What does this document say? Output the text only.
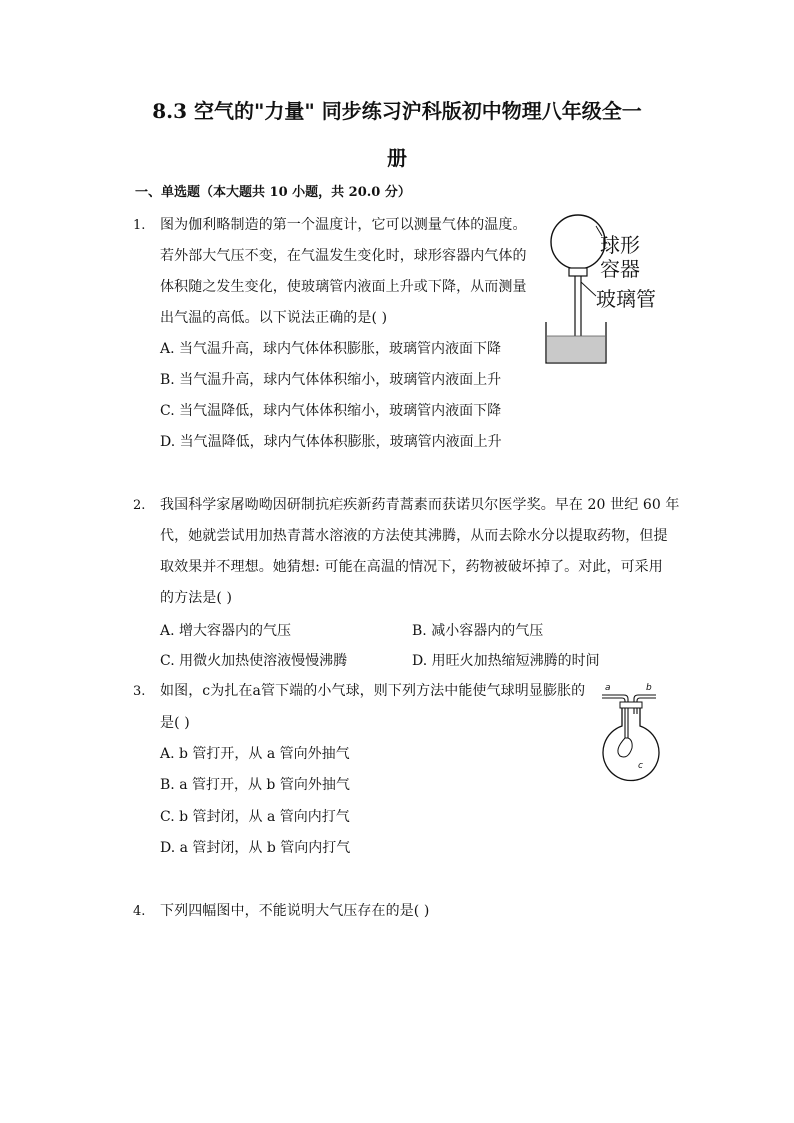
8.3 空气的"力量" 同步练习沪科版初中物理八年级全一
册
一、单选题（本大题共 10 小题，共 20.0 分）
1. 图为伽利略制造的第一个温度计，它可以测量气体的温度。
若外部大气压不变，在气温发生变化时，球形容器内气体的
体积随之发生变化，使玻璃管内液面上升或下降，从而测量
出气温的高低。以下说法正确的是( )
A. 当气温升高，球内气体体积膨胀，玻璃管内液面下降
B. 当气温升高，球内气体体积缩小，玻璃管内液面上升
C. 当气温降低，球内气体体积缩小，玻璃管内液面下降
D. 当气温降低，球内气体体积膨胀，玻璃管内液面上升
球形
容器
玻璃管
2. 我国科学家屠呦呦因研制抗疟疾新药青蒿素而获诺贝尔医学奖。早在 20 世纪 60 年
代，她就尝试用加热青蒿水溶液的方法使其沸腾，从而去除水分以提取药物，但提
取效果并不理想。她猜想: 可能在高温的情况下，药物被破坏掉了。对此，可采用
的方法是( )
A. 增大容器内的气压	B. 减小容器内的气压
C. 用微火加热使溶液慢慢沸腾	D. 用旺火加热缩短沸腾的时间
3. 如图，c为扎在a管下端的小气球，则下列方法中能使气球明显膨胀的
是( )
A. b 管打开，从 a 管向外抽气
B. a 管打开，从 b 管向外抽气
C. b 管封闭，从 a 管向内打气
D. a 管封闭，从 b 管向内打气
a	b
c
4. 下列四幅图中，不能说明大气压存在的是( )
